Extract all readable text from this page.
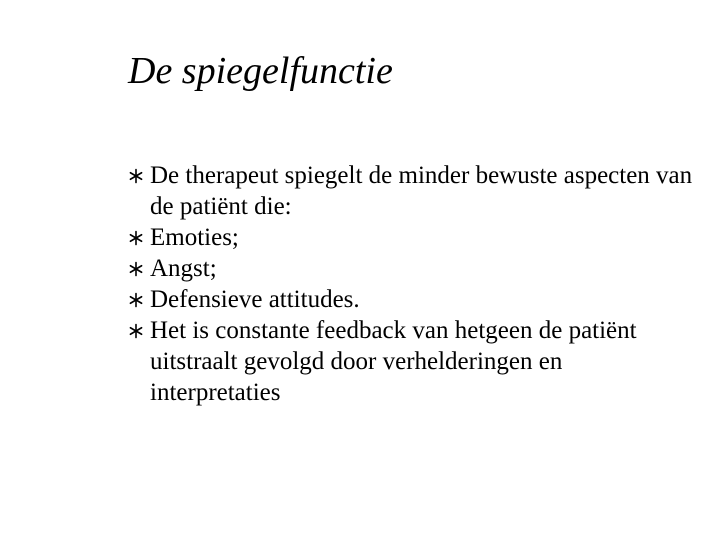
De spiegelfunctie
De therapeut spiegelt de minder bewuste aspecten van de patiënt die:
Emoties;
Angst;
Defensieve attitudes.
Het is constante feedback van hetgeen de patiënt uitstraalt gevolgd door verhelderingen en interpretaties
